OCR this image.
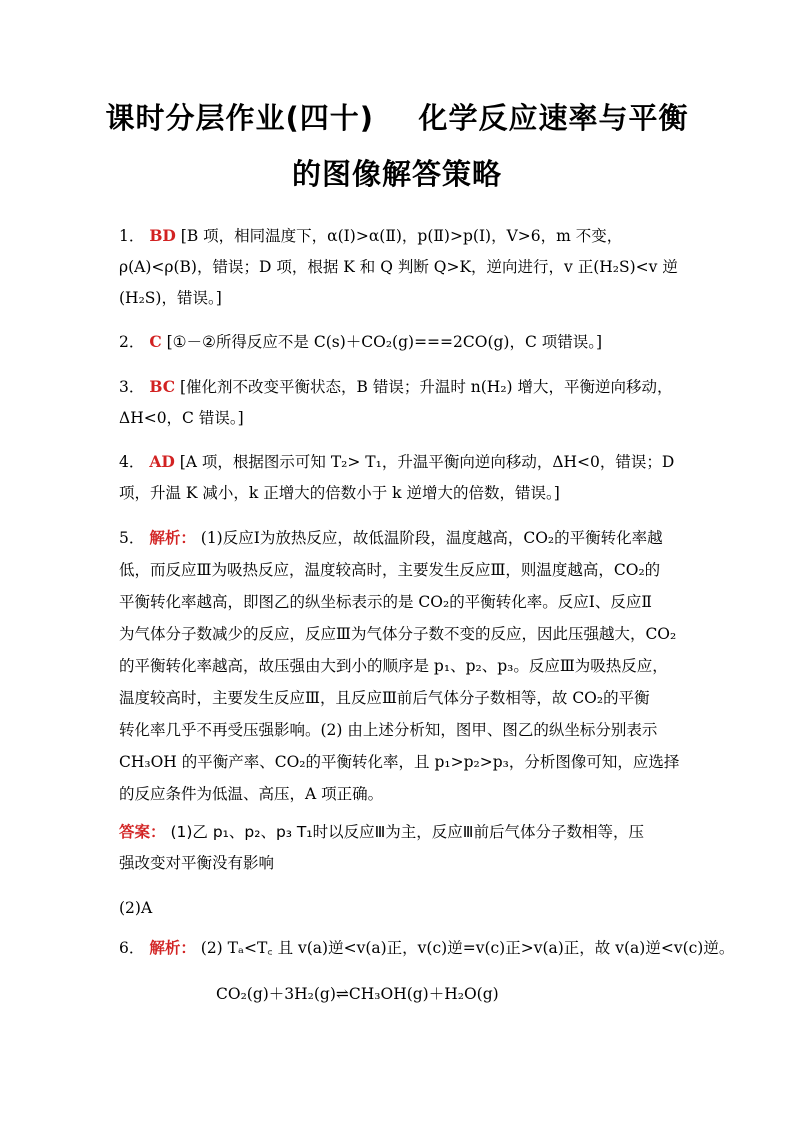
课时分层作业(四十)    化学反应速率与平衡
的图像解答策略
1． BD [B 项，相同温度下，α(Ⅰ)>α(Ⅱ)，p(Ⅱ)>p(Ⅰ)，V>6，m 不变，
ρ(A)<ρ(B)，错误；D 项，根据 K 和 Q 判断 Q>K，逆向进行，v 正(H₂S)<v 逆
(H₂S)，错误。]
2． C [①－②所得反应不是 C(s)＋CO₂(g)===2CO(g)，C 项错误。]
3． BC [催化剂不改变平衡状态，B 错误；升温时 n(H₂) 增大，平衡逆向移动，
ΔH<0，C 错误。]
4． AD [A 项，根据图示可知 T₂> T₁，升温平衡向逆向移动，ΔH<0，错误；D
项，升温 K 减小，k 正增大的倍数小于 k 逆增大的倍数，错误。]
5． 解析： (1)反应Ⅰ为放热反应，故低温阶段，温度越高，CO₂的平衡转化率越
低，而反应Ⅲ为吸热反应，温度较高时，主要发生反应Ⅲ，则温度越高，CO₂的
平衡转化率越高，即图乙的纵坐标表示的是 CO₂的平衡转化率。反应Ⅰ、反应Ⅱ
为气体分子数减少的反应，反应Ⅲ为气体分子数不变的反应，因此压强越大，CO₂
的平衡转化率越高，故压强由大到小的顺序是 p₁、p₂、p₃。反应Ⅲ为吸热反应，
温度较高时，主要发生反应Ⅲ，且反应Ⅲ前后气体分子数相等，故 CO₂的平衡
转化率几乎不再受压强影响。(2) 由上述分析知，图甲、图乙的纵坐标分别表示
CH₃OH 的平衡产率、CO₂的平衡转化率，且 p₁>p₂>p₃，分析图像可知，应选择
的反应条件为低温、高压，A 项正确。
答案： (1)乙 p₁、p₂、p₃ T₁时以反应Ⅲ为主，反应Ⅲ前后气体分子数相等，压
强改变对平衡没有影响
(2)A
6． 解析： (2) Tₐ<T꜀ 且 v(a)逆<v(a)正，v(c)逆=v(c)正>v(a)正，故 v(a)逆<v(c)逆。
CO₂(g)＋3H₂(g)⇌CH₃OH(g)＋H₂O(g)
